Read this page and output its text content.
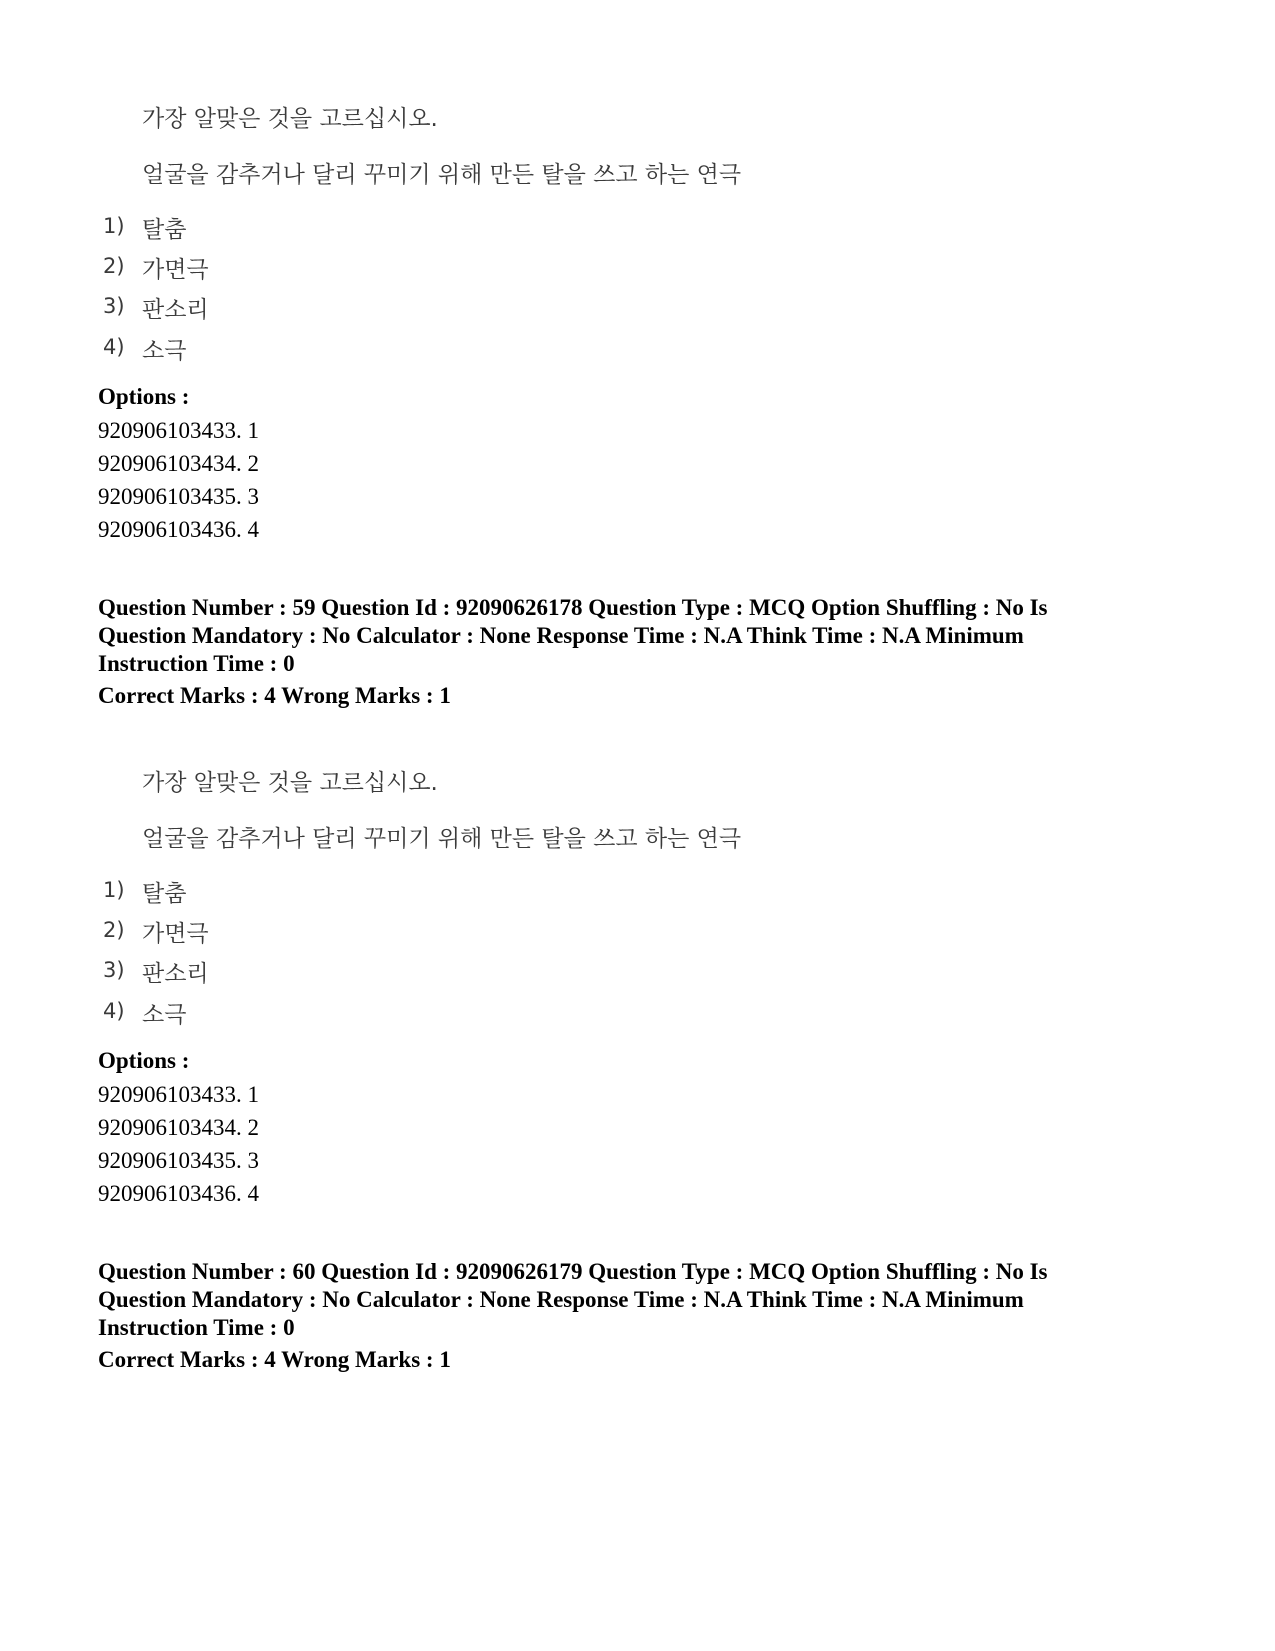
가장 알맞은 것을 고르십시오.
얼굴을 감추거나 달리 꾸미기 위해 만든 탈을 쓰고 하는 연극
1) 탈춤
2) 가면극
3) 판소리
4) 소극
Options :
920906103433. 1
920906103434. 2
920906103435. 3
920906103436. 4
Question Number : 59 Question Id : 92090626178 Question Type : MCQ Option Shuffling : No Is
Question Mandatory : No Calculator : None Response Time : N.A Think Time : N.A Minimum
Instruction Time : 0
Correct Marks : 4 Wrong Marks : 1
가장 알맞은 것을 고르십시오.
얼굴을 감추거나 달리 꾸미기 위해 만든 탈을 쓰고 하는 연극
1) 탈춤
2) 가면극
3) 판소리
4) 소극
Options :
920906103433. 1
920906103434. 2
920906103435. 3
920906103436. 4
Question Number : 60 Question Id : 92090626179 Question Type : MCQ Option Shuffling : No Is
Question Mandatory : No Calculator : None Response Time : N.A Think Time : N.A Minimum
Instruction Time : 0
Correct Marks : 4 Wrong Marks : 1
